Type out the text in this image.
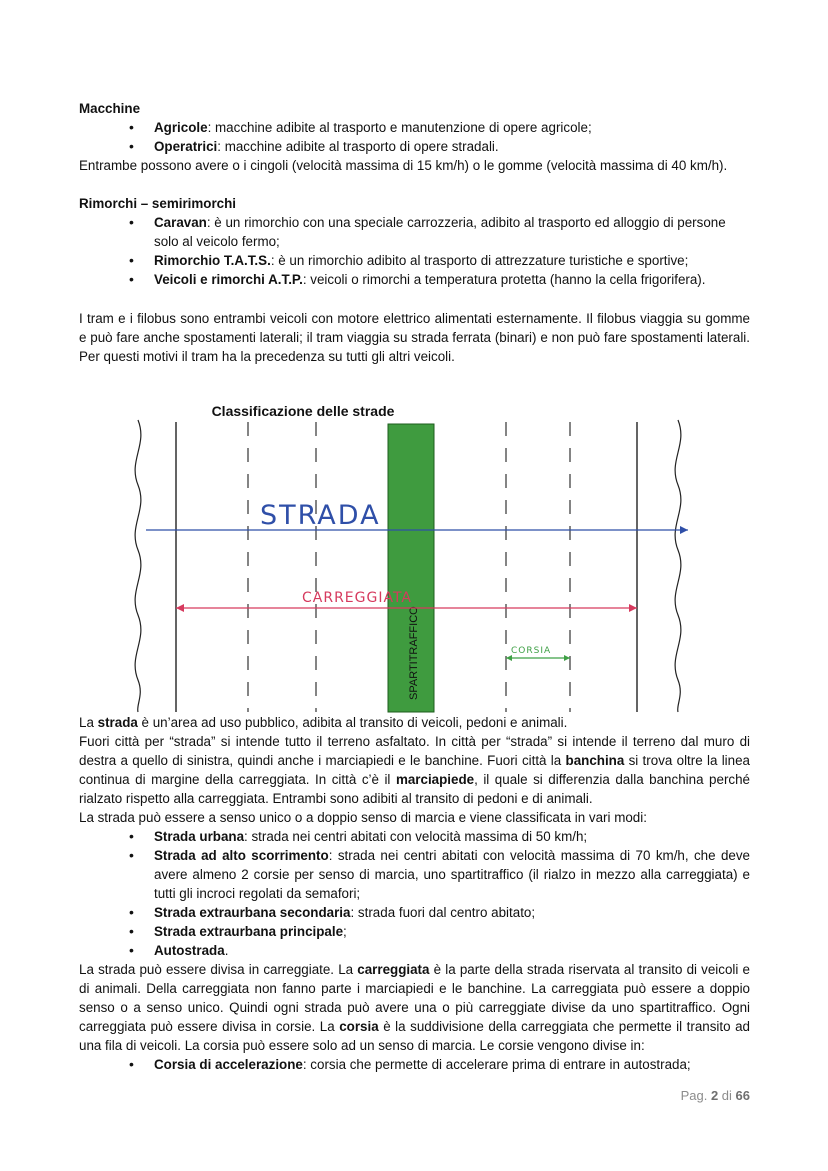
Macchine
• Agricole: macchine adibite al trasporto e manutenzione di opere agricole;
• Operatrici: macchine adibite al trasporto di opere stradali.
Entrambe possono avere o i cingoli (velocità massima di 15 km/h) o le gomme (velocità massima di 40 km/h).
Rimorchi – semirimorchi
• Caravan: è un rimorchio con una speciale carrozzeria, adibito al trasporto ed alloggio di persone solo al veicolo fermo;
• Rimorchio T.A.T.S.: è un rimorchio adibito al trasporto di attrezzature turistiche e sportive;
• Veicoli e rimorchi A.T.P.: veicoli o rimorchi a temperatura protetta (hanno la cella frigorifera).
I tram e i filobus sono entrambi veicoli con motore elettrico alimentati esternamente. Il filobus viaggia su gomme e può fare anche spostamenti laterali; il tram viaggia su strada ferrata (binari) e non può fare spostamenti laterali. Per questi motivi il tram ha la precedenza su tutti gli altri veicoli.
Classificazione delle strade
SPARTITRAFFICO
STRADA
CARREGGIATA
CORSIA
La strada è un’area ad uso pubblico, adibita al transito di veicoli, pedoni e animali.
Fuori città per “strada” si intende tutto il terreno asfaltato. In città per “strada” si intende il terreno dal muro di destra a quello di sinistra, quindi anche i marciapiedi e le banchine. Fuori città la banchina si trova oltre la linea continua di margine della carreggiata. In città c’è il marciapiede, il quale si differenzia dalla banchina perché rialzato rispetto alla carreggiata. Entrambi sono adibiti al transito di pedoni e di animali.
La strada può essere a senso unico o a doppio senso di marcia e viene classificata in vari modi:
• Strada urbana: strada nei centri abitati con velocità massima di 50 km/h;
• Strada ad alto scorrimento: strada nei centri abitati con velocità massima di 70 km/h, che deve avere almeno 2 corsie per senso di marcia, uno spartitraffico (il rialzo in mezzo alla carreggiata) e tutti gli incroci regolati da semafori;
• Strada extraurbana secondaria: strada fuori dal centro abitato;
• Strada extraurbana principale;
• Autostrada.
La strada può essere divisa in carreggiate. La carreggiata è la parte della strada riservata al transito di veicoli e di animali. Della carreggiata non fanno parte i marciapiedi e le banchine. La carreggiata può essere a doppio senso o a senso unico. Quindi ogni strada può avere una o più carreggiate divise da uno spartitraffico. Ogni carreggiata può essere divisa in corsie. La corsia è la suddivisione della carreggiata che permette il transito ad una fila di veicoli. La corsia può essere solo ad un senso di marcia. Le corsie vengono divise in:
• Corsia di accelerazione: corsia che permette di accelerare prima di entrare in autostrada;
Pag. 2 di 66
